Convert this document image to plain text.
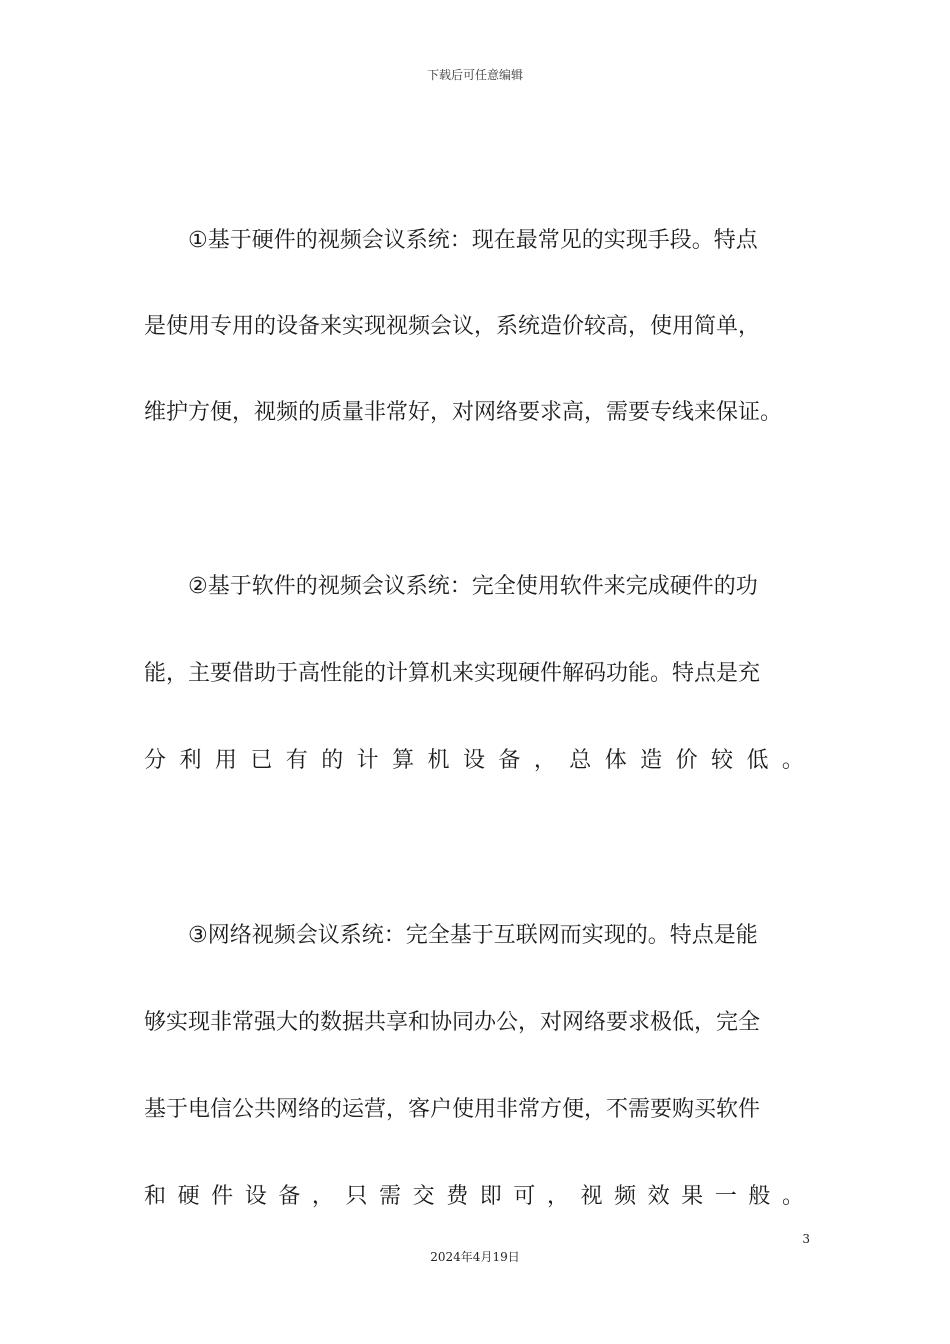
下载后可任意编辑
①基于硬件的视频会议系统：现在最常见的实现手段。特点
是使用专用的设备来实现视频会议，系统造价较高，使用简单，
维护方便，视频的质量非常好，对网络要求高，需要专线来保证。
②基于软件的视频会议系统：完全使用软件来完成硬件的功
能，主要借助于高性能的计算机来实现硬件解码功能。特点是充
分 利 用 已 有 的 计 算 机 设 备 ， 总 体 造 价 较 低 。
③网络视频会议系统：完全基于互联网而实现的。特点是能
够实现非常强大的数据共享和协同办公，对网络要求极低，完全
基于电信公共网络的运营，客户使用非常方便，不需要购买软件
和 硬 件 设 备 ， 只 需 交 费 即 可 ， 视 频 效 果 一 般 。
3
2024年4月19日
